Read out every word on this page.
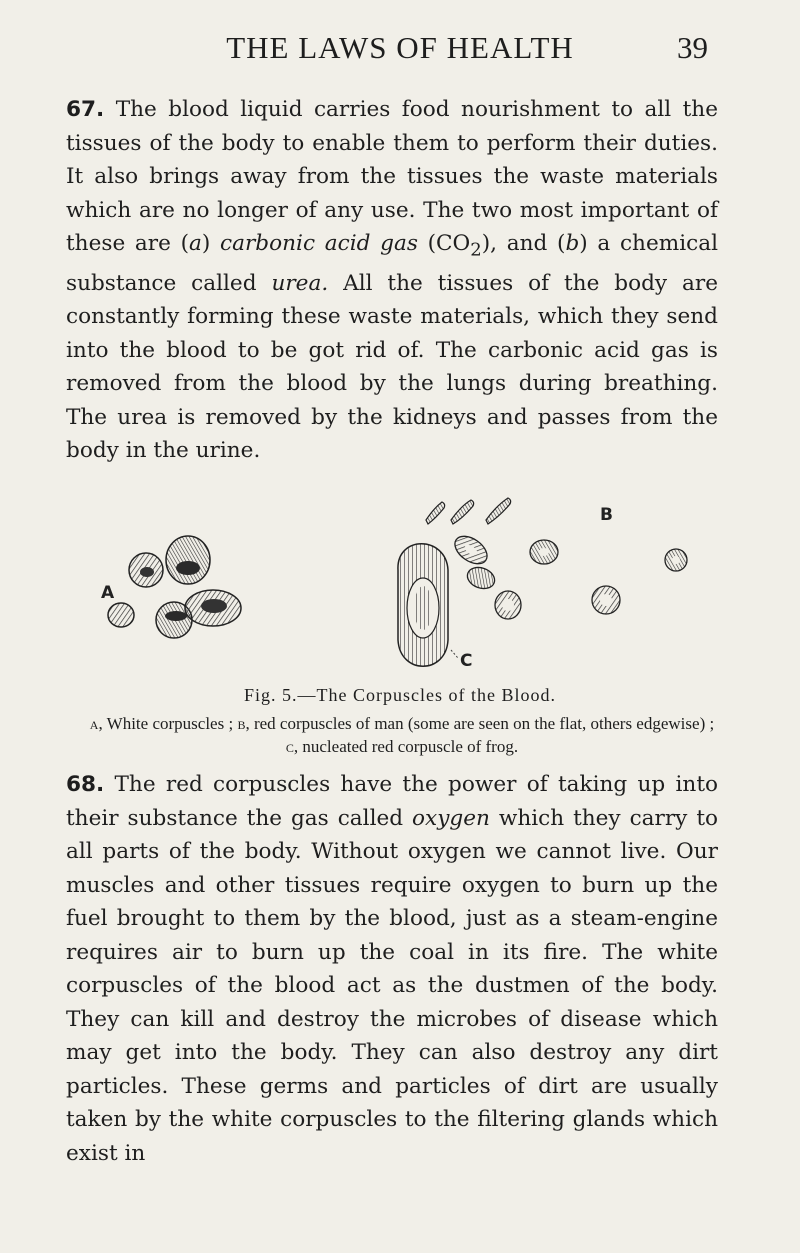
THE LAWS OF HEALTH	39

67. The blood liquid carries food nourishment to all the tissues of the body to enable them to perform their duties. It also brings away from the tissues the waste materials which are no longer of any use. The two most important of these are (a) carbonic acid gas $(CO_2)$, and (b) a chemical substance called urea. All the tissues of the body are constantly forming these waste materials, which they send into the blood to be got rid of. The carbonic acid gas is removed from the blood by the lungs during breathing. The urea is removed by the kidneys and passes from the body in the urine.

A
C
B
Fig. 5.—The Corpuscles of the Blood.
a, White corpuscles ; b, red corpuscles of man (some are seen on the flat, others edgewise) ; c, nucleated red corpuscle of frog.

68. The red corpuscles have the power of taking up into their substance the gas called oxygen which they carry to all parts of the body. Without oxygen we cannot live. Our muscles and other tissues require oxygen to burn up the fuel brought to them by the blood, just as a steam-engine requires air to burn up the coal in its fire. The white corpuscles of the blood act as the dustmen of the body. They can kill and destroy the microbes of disease which may get into the body. They can also destroy any dirt particles. These germs and particles of dirt are usually taken by the white corpuscles to the filtering glands which exist in
